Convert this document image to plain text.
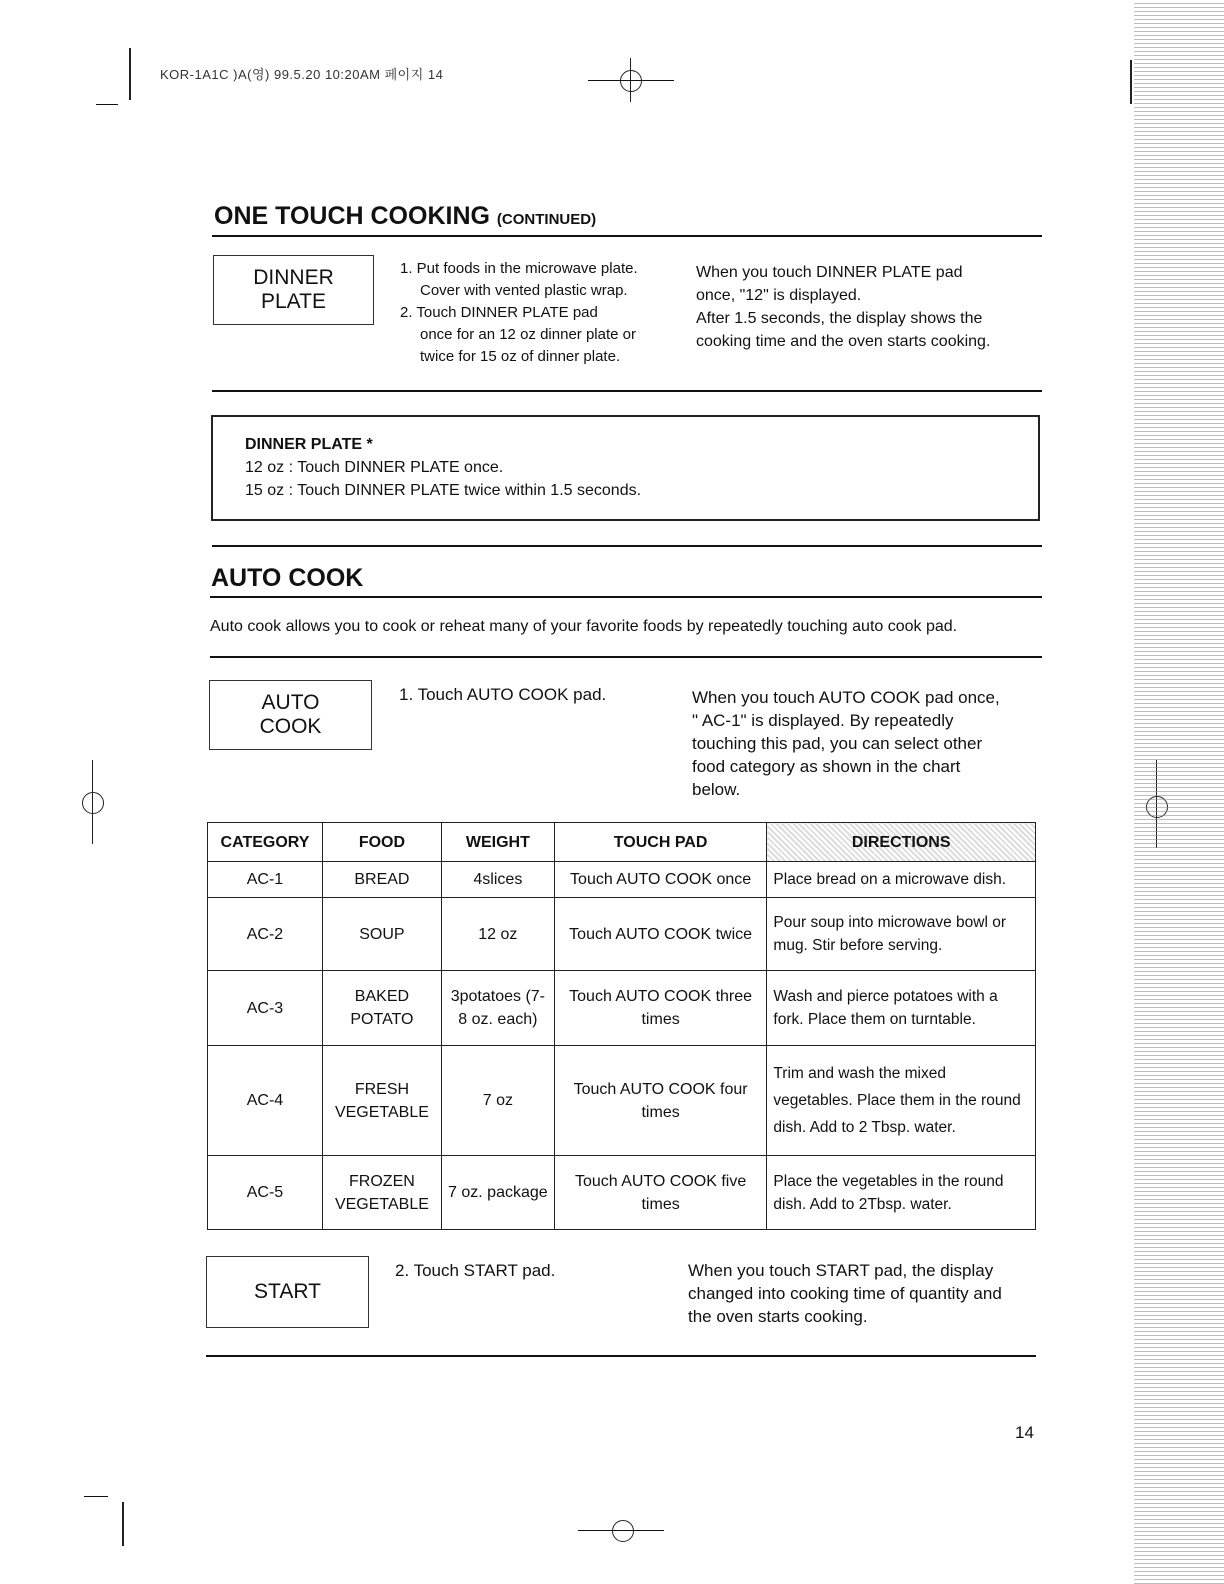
KOR-1A1C )A(영) 99.5.20 10:20AM 페이지 14
ONE TOUCH COOKING (CONTINUED)
DINNER
PLATE
1. Put foods in the microwave plate.
Cover with vented plastic wrap.
2. Touch DINNER PLATE pad
once for an 12 oz dinner plate or
twice for 15 oz of dinner plate.
When you touch DINNER PLATE pad
once, "12" is displayed.
After 1.5 seconds, the display shows the
cooking time and the oven starts cooking.
DINNER PLATE *
12 oz : Touch DINNER PLATE once.
15 oz : Touch DINNER PLATE twice within 1.5 seconds.
AUTO COOK
Auto cook allows you to cook or reheat many of your favorite foods by repeatedly touching auto cook pad.
AUTO
COOK
1. Touch AUTO COOK pad.	When you touch AUTO COOK pad once,
" AC-1" is displayed. By repeatedly
touching this pad, you can select other
food category as shown in the chart
below.
CATEGORY	FOOD	WEIGHT	TOUCH PAD	DIRECTIONS
AC-1	BREAD	4slices	Touch AUTO COOK once	Place bread on a microwave dish.
AC-2	SOUP	12 oz	Touch AUTO COOK twice	Pour soup into microwave bowl or mug. Stir before serving.
AC-3	BAKED POTATO	3potatoes (7-8 oz. each)	Touch AUTO COOK three times	Wash and pierce potatoes with a fork. Place them on turntable.
AC-4	FRESH VEGETABLE	7 oz	Touch AUTO COOK four times	Trim and wash the mixed vegetables. Place them in the round dish. Add to 2 Tbsp. water.
AC-5	FROZEN VEGETABLE	7 oz. package	Touch AUTO COOK five times	Place the vegetables in the round dish. Add to 2Tbsp. water.
START
2. Touch START pad.	When you touch START pad, the display
changed into cooking time of quantity and
the oven starts cooking.
14
